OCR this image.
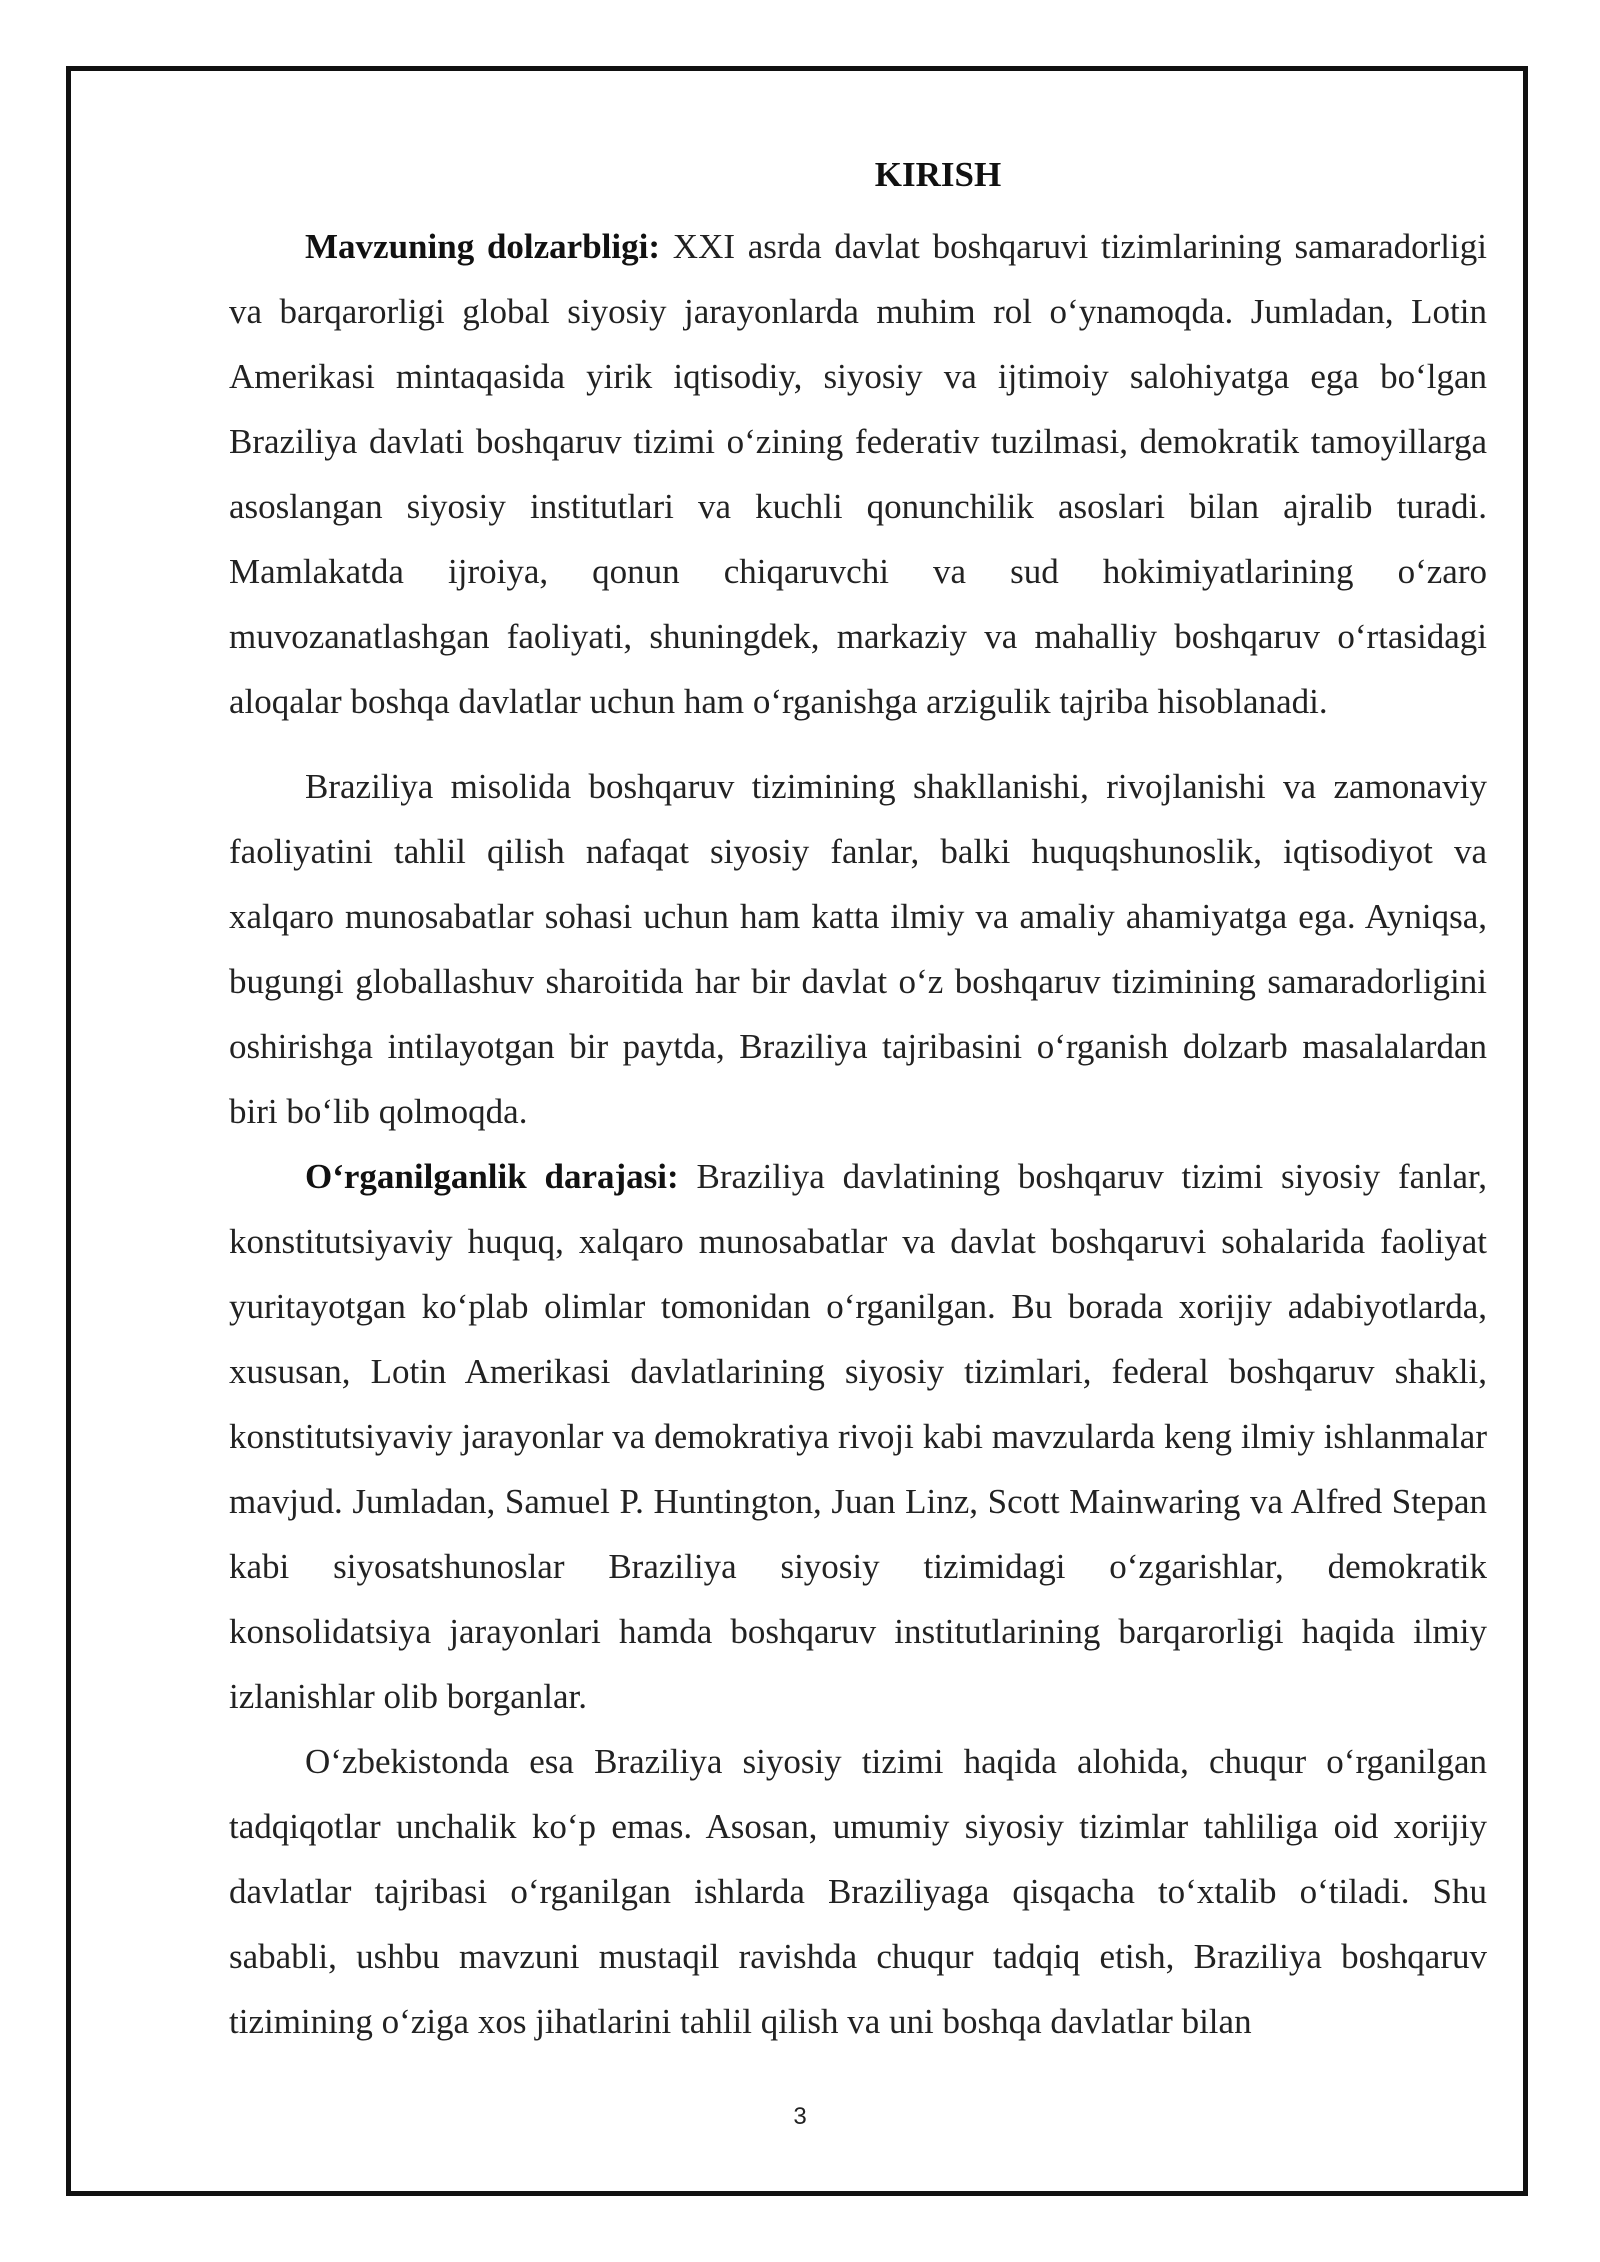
KIRISH

Mavzuning dolzarbligi: XXI asrda davlat boshqaruvi tizimlarining samaradorligi va barqarorligi global siyosiy jarayonlarda muhim rol oʻynamoqda. Jumladan, Lotin Amerikasi mintaqasida yirik iqtisodiy, siyosiy va ijtimoiy salohiyatga ega boʻlgan Braziliya davlati boshqaruv tizimi oʻzining federativ tuzilmasi, demokratik tamoyillarga asoslangan siyosiy institutlari va kuchli qonunchilik asoslari bilan ajralib turadi. Mamlakatda ijroiya, qonun chiqaruvchi va sud hokimiyatlarining oʻzaro muvozanatlashgan faoliyati, shuningdek, markaziy va mahalliy boshqaruv oʻrtasidagi aloqalar boshqa davlatlar uchun ham oʻrganishga arzigulik tajriba hisoblanadi.

Braziliya misolida boshqaruv tizimining shakllanishi, rivojlanishi va zamonaviy faoliyatini tahlil qilish nafaqat siyosiy fanlar, balki huquqshunoslik, iqtisodiyot va xalqaro munosabatlar sohasi uchun ham katta ilmiy va amaliy ahamiyatga ega. Ayniqsa, bugungi globallashuv sharoitida har bir davlat oʻz boshqaruv tizimining samaradorligini oshirishga intilayotgan bir paytda, Braziliya tajribasini oʻrganish dolzarb masalalardan biri boʻlib qolmoqda.

Oʻrganilganlik darajasi: Braziliya davlatining boshqaruv tizimi siyosiy fanlar, konstitutsiyaviy huquq, xalqaro munosabatlar va davlat boshqaruvi sohalarida faoliyat yuritayotgan koʻplab olimlar tomonidan oʻrganilgan. Bu borada xorijiy adabiyotlarda, xususan, Lotin Amerikasi davlatlarining siyosiy tizimlari, federal boshqaruv shakli, konstitutsiyaviy jarayonlar va demokratiya rivoji kabi mavzularda keng ilmiy ishlanmalar mavjud. Jumladan, Samuel P. Huntington, Juan Linz, Scott Mainwaring va Alfred Stepan kabi siyosatshunoslar Braziliya siyosiy tizimidagi oʻzgarishlar, demokratik konsolidatsiya jarayonlari hamda boshqaruv institutlarining barqarorligi haqida ilmiy izlanishlar olib borganlar.

Oʻzbekistonda esa Braziliya siyosiy tizimi haqida alohida, chuqur oʻrganilgan tadqiqotlar unchalik koʻp emas. Asosan, umumiy siyosiy tizimlar tahliliga oid xorijiy davlatlar tajribasi oʻrganilgan ishlarda Braziliyaga qisqacha toʻxtalib oʻtiladi. Shu sababli, ushbu mavzuni mustaqil ravishda chuqur tadqiq etish, Braziliya boshqaruv tizimining oʻziga xos jihatlarini tahlil qilish va uni boshqa davlatlar bilan

3
